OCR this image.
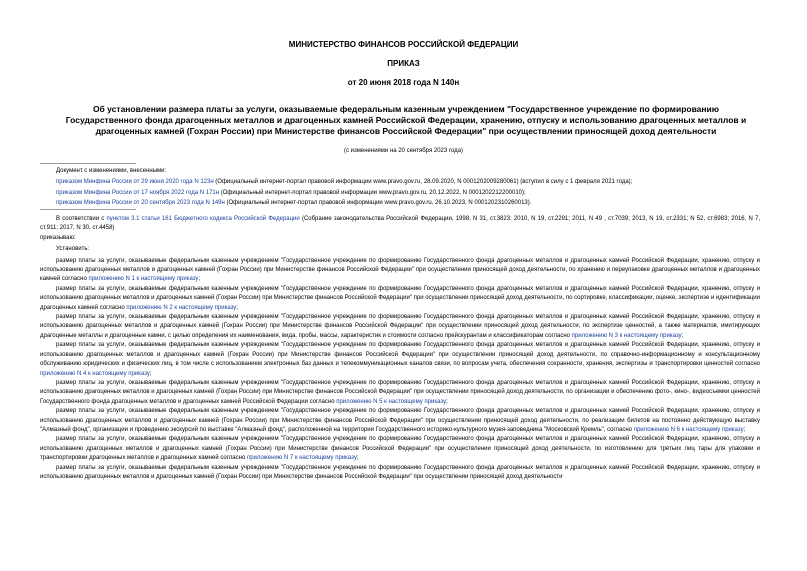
МИНИСТЕРСТВО ФИНАНСОВ РОССИЙСКОЙ ФЕДЕРАЦИИ
ПРИКАЗ
от 20 июня 2018 года N 140н
Об установлении размера платы за услуги, оказываемые федеральным казенным учреждением "Государственное учреждение по формированию Государственного фонда драгоценных металлов и драгоценных камней Российской Федерации, хранению, отпуску и использованию драгоценных металлов и драгоценных камней (Гохран России) при Министерстве финансов Российской Федерации" при осуществлении приносящей доход деятельности
(с изменениями на 20 сентября 2023 года)
Документ с изменениями, внесенными:
приказом Минфина России от 29 июня 2020 года N 123н (Официальный интернет-портал правовой информации www.pravo.gov.ru, 28.09.2020, N 0001202009280061) (вступил в силу с 1 февраля 2021 года);
приказом Минфина России от 17 ноября 2022 года N 171н (Официальный интернет-портал правовой информации www.pravo.gov.ru, 20.12.2022, N 0001202212200010);
приказом Минфина России от 20 сентября 2023 года N 149н (Официальный интернет-портал правовой информации www.pravo.gov.ru, 26.10.2023, N 0001202310260013).

В соответствии с пунктом 3.1 статьи 161 Бюджетного кодекса Российской Федерации (Собрание законодательства Российской Федерации, 1998, N 31, ст.3823; 2010, N 19, ст.2291; 2011, N 49 , ст.7039; 2013, N 19, ст.2331; N 52, ст.6983; 2016, N 7, ст.911; 2017, N 30, ст.4458)

приказываю:

Установить:

размер платы за услуги, оказываемые федеральным казенным учреждением "Государственное учреждение по формированию Государственного фонда драгоценных металлов и драгоценных камней Российской Федерации, хранению, отпуску и использованию драгоценных металлов и драгоценных камней (Гохран России) при Министерстве финансов Российской Федерации" при осуществлении приносящей доход деятельности, по хранению и переупаковке драгоценных металлов и драгоценных камней согласно приложению N 1 к настоящему приказу;

размер платы за услуги, оказываемые федеральным казенным учреждением "Государственное учреждение по формированию Государственного фонда драгоценных металлов и драгоценных камней Российской Федерации, хранению, отпуску и использованию драгоценных металлов и драгоценных камней (Гохран России) при Министерстве финансов Российской Федерации" при осуществлении приносящей доход деятельности, по сортировке, классификации, оценке, экспертизе и идентификации драгоценных камней согласно приложению N 2 к настоящему приказу;

размер платы за услуги, оказываемые федеральным казенным учреждением "Государственное учреждение по формированию Государственного фонда драгоценных металлов и драгоценных камней Российской Федерации, хранению, отпуску и использованию драгоценных металлов и драгоценных камней (Гохран России) при Министерстве финансов Российской Федерации" при осуществлении приносящей доход деятельности, по экспертизе ценностей, а также материалов, имитирующих драгоценные металлы и драгоценные камни, с целью определения их наименования, вида, пробы, массы, характеристик и стоимости согласно прейскурантам и классификаторам согласно приложению N 3 к настоящему приказу;

размер платы за услуги, оказываемые федеральным казенным учреждением "Государственное учреждение по формированию Государственного фонда драгоценных металлов и драгоценных камней Российской Федерации, хранению, отпуску и использованию драгоценных металлов и драгоценных камней (Гохран России) при Министерстве финансов Российской Федерации" при осуществлении приносящей доход деятельности, по справочно-информационному и консультационному обслуживанию юридических и физических лиц, в том числе с использованием электронных баз данных и телекоммуникационных каналов связи, по вопросам учета, обеспечения сохранности, хранения, экспертизы и транспортировки ценностей согласно приложению N 4 к настоящему приказу;

размер платы за услуги, оказываемые федеральным казенным учреждением "Государственное учреждение по формированию Государственного фонда драгоценных металлов и драгоценных камней Российской Федерации, хранению, отпуску и использованию драгоценных металлов и драгоценных камней (Гохран России) при Министерстве финансов Российской Федерации" при осуществлении приносящей доход деятельности, по организации и обеспечению фото-, кино-, видеосъемки ценностей Государственного фонда драгоценных металлов и драгоценных камней Российской Федерации согласно приложению N 5 к настоящему приказу;

размер платы за услуги, оказываемые федеральным казенным учреждением "Государственное учреждение по формированию Государственного фонда драгоценных металлов и драгоценных камней Российской Федерации, хранению, отпуску и использованию драгоценных металлов и драгоценных камней (Гохран России) при Министерстве финансов Российской Федерации" при осуществлении приносящей доход деятельности, по реализации билетов на постоянно действующую выставку "Алмазный фонд", организации и проведению экскурсий по выставке "Алмазный фонд", расположенной на территории Государственного историко-культурного музея-заповедника "Московский Кремль", согласно приложению N 6 к настоящему приказу;

размер платы за услуги, оказываемые федеральным казенным учреждением "Государственное учреждение по формированию Государственного фонда драгоценных металлов и драгоценных камней Российской Федерации, хранению, отпуску и использованию драгоценных металлов и драгоценных камней (Гохран России) при Министерстве финансов Российской Федерации" при осуществлении приносящей доход деятельности, по изготовлению для третьих лиц тары для упаковки и транспортировки драгоценных металлов и драгоценных камней согласно приложению N 7 к настоящему приказу;

размер платы за услуги, оказываемые федеральным казенным учреждением "Государственное учреждение по формированию Государственного фонда драгоценных металлов и драгоценных камней Российской Федерации, хранению, отпуску и использованию драгоценных металлов и драгоценных камней (Гохран России) при Министерстве финансов Российской Федерации" при осуществлении приносящей доход деятельности
